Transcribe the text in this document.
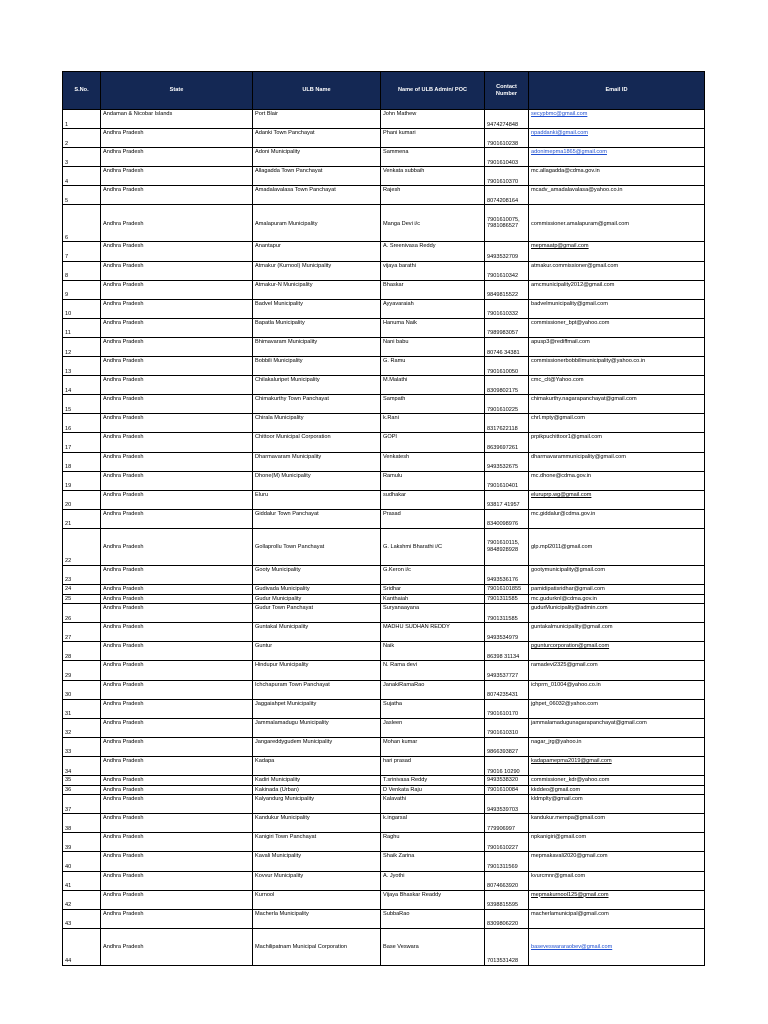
S.No.	State	ULB Name	Name of ULB Admin/ POC	Contact Number	Email ID
1	Andaman & Nicobar Islands	Port Blair	John Mathew	9474274848	secypbmc@gmail.com
2	Andhra Pradesh	Adanki Town Panchayat	Phani kumari	7901610238	npaddanki@gmail.com
3	Andhra Pradesh	Adoni Municipality	Sammena	7901610403	adonimepma1865@gmail.com
4	Andhra Pradesh	Allagadda Town Panchayat	Venkata subbaih	7901610370	mc.allagadda@cdma.gov.in
5	Andhra Pradesh	Amadalavalasa Town Panchayat	Rajesh	8074208164	mcadv_amadalavalasa@yahoo.co.in
6	Andhra Pradesh	Amalapuram Municipality	Manga Devi i/c	7901610075, 7981086527	commissioner.amalapuram@gmail.com
7	Andhra Pradesh	Anantapur	A. Sreenivasa Reddy	9493532709	mepmaatp@gmail.com
8	Andhra Pradesh	Atmakur (Kurnool) Municipality	vijaya barathi	7901610342	atmakur.commissioner@gmail.com
9	Andhra Pradesh	Atmakur-N Municipality	Bhaskar	9849815522	amcmunicipality2012@gmail.com
10	Andhra Pradesh	Badvel Municipality	Ayyavaraiah	7901610332	badvelmunicipality@gmail.com
11	Andhra Pradesh	Bapatla Municipality	Hanuma Naik	7989983057	commissioner_bpt@yahoo.com
12	Andhra Pradesh	Bhimavaram Municipality	Nani babu	80746 34381	apusp3@rediffmail.com
13	Andhra Pradesh	Bobbili Municipality	G. Ramu	7901610050	commissionerbobbilimunicipality@yahoo.co.in
14	Andhra Pradesh	Chilakaluripet Municipality	M.Malathi	8309802175	cmc_clt@Yahoo.com
15	Andhra Pradesh	Chimakurthy Town Panchayat	Sampath	7901610225	chimakurthy.nagarapanchayat@gmail.com
16	Andhra Pradesh	Chirala Municipality	k.Rani	8317622118	chrl.mpty@gmail.com
17	Andhra Pradesh	Chittoor Municipal Corporation	GOPI	8639697261	prpikpuchittoor1@gmail.com
18	Andhra Pradesh	Dharmavaram Municipality	Venkatesh	9493532675	dharmavarammunicipality@gmail.com
19	Andhra Pradesh	Dhone(M) Municipality	Ramulu	7901610401	mc.dhone@cdma.gov.in
20	Andhra Pradesh	Eluru	sudhakar	93817 41957	eluruprp.wg@gmail.com
21	Andhra Pradesh	Giddalur Town Panchayat	Prasad	8340098976	mc.giddalur@cdma.gov.in
22	Andhra Pradesh	Gollaprollu Town Panchayat	G. Lakshmi Bharathi i/C	7901610115, 9848928928	glp.mpl2011@gmail.com
23	Andhra Pradesh	Gooty Municipality	G.Keron i/c	9493536176	gootymunicipality@gmail.com
24	Andhra Pradesh	Gudivada Municipality	Sridhar	79016101855	pamidipatisridhar@gmail.com
25	Andhra Pradesh	Gudur Municipality	Kanthaiah	7901311585	mc.gudurknl@cdma.gov.in
26	Andhra Pradesh	Gudur Town Panchayat	Suryanaayana	7901311585	gudurMunicipality@admin.com
27	Andhra Pradesh	Guntakal Municipality	MADHU SUDHAN REDDY	9493534979	guntakalmunicipality@gmail.com
28	Andhra Pradesh	Guntur	Naik	86398 31134	pgunturcorporation@gmail.com
29	Andhra Pradesh	Hindupur Municipality	N. Rama devi	9493537727	ramadevi2325@gmail.com
30	Andhra Pradesh	Ichchapuram Town Panchayat	JanakiRamaRao	8074235431	ichprm_01004@yahoo.co.in
31	Andhra Pradesh	Jaggaiahpet Municipality	Sujatha	7901610170	jghpet_06032@yahoo.com
32	Andhra Pradesh	Jammalamadugu Municipality	Jasleen	7901610310	jammalamadugunagarapanchayat@gmail.com
33	Andhra Pradesh	Jangareddygudem Municipality	Mohan kumar	9866393827	nagar_jrg@yahoo.in
34	Andhra Pradesh	Kadapa	hari prasad	79016 10290	kadapamepma2019@gmail.com
35	Andhra Pradesh	Kadiri Municipality	T.srinivasa Reddy	9493538320	commissioner_kdr@yahoo.com
36	Andhra Pradesh	Kakinada (Urban)	D Venkata Raju	7901610084	kkddeo@gmail.com
37	Andhra Pradesh	Kalyandurg Municipality	Kalavathi	9493539703	kldmplty@gmail.com
38	Andhra Pradesh	Kandukur Municipality	k.ingarsal	779906997	kandukur.mempa@gmail.com
39	Andhra Pradesh	Kanigiri Town Panchayat	Raghu	7901610227	npkanigiri@gmail.com
40	Andhra Pradesh	Kavali Municipality	Shaik Zarina	7901311569	mepmakavali2020@gmail.com
41	Andhra Pradesh	Kovvur Municipality	A. Jyothi	8074663920	kvurcmnr@gmail.com
42	Andhra Pradesh	Kurnool	Vijaya Bhaskar Readdy	9398815595	mepmakurnool125@gmail.com
43	Andhra Pradesh	Macherla Municipality	SubbaRao	8309806220	macherlamunicipal@gmail.com
44	Andhra Pradesh	Machilipatnam Municipal Corporation	Base Veswara	7013531428	baseveswararaobev@gmail.com
